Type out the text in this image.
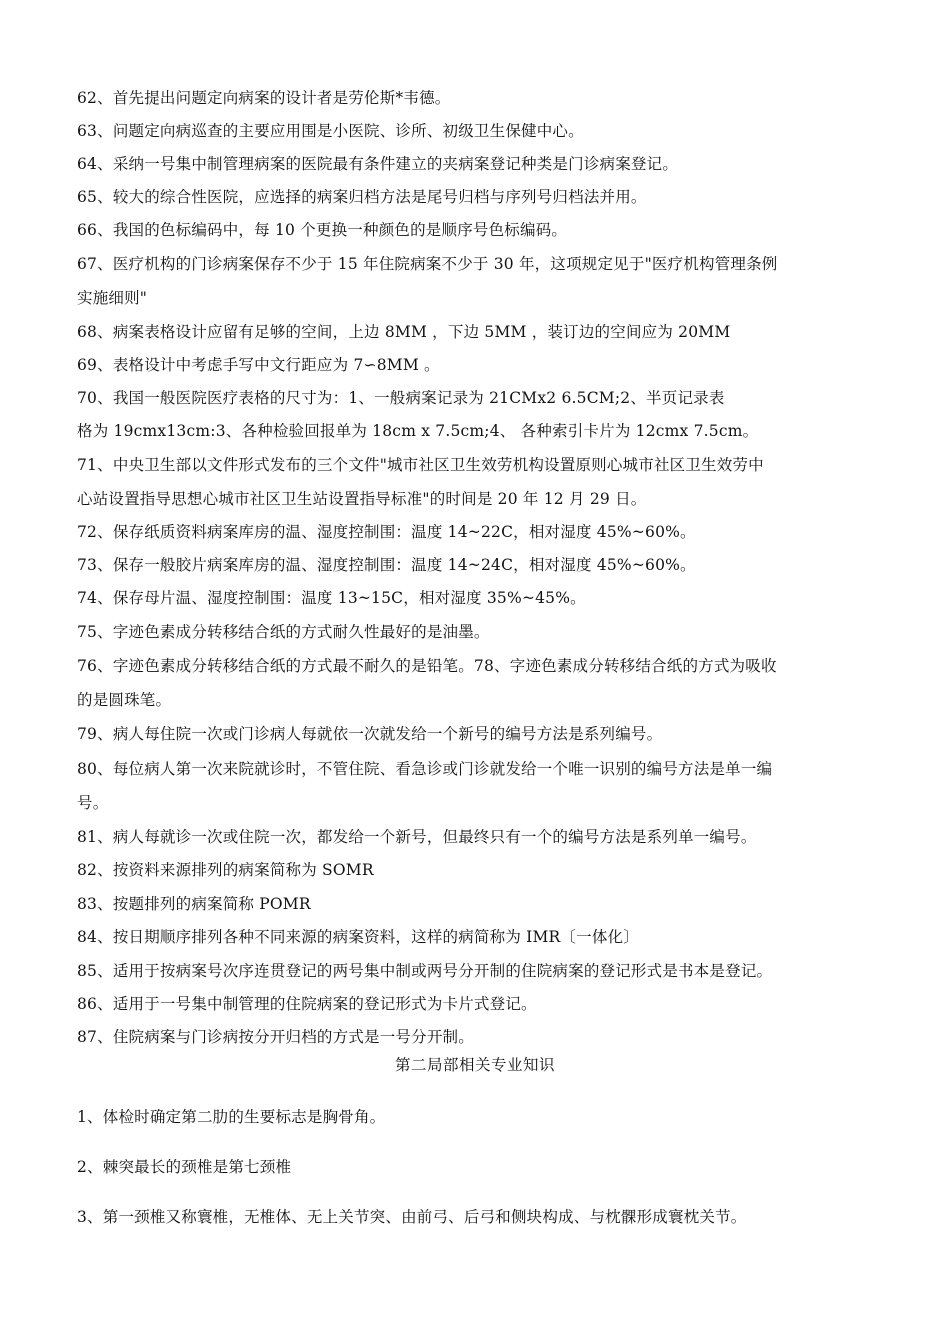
62、首先提出问题定向病案的设计者是劳伦斯*韦德。
63、问题定向病巡查的主要应用围是小医院、诊所、初级卫生保健中心。
64、采纳一号集中制管理病案的医院最有条件建立的夹病案登记种类是门诊病案登记。
65、较大的综合性医院，应选择的病案归档方法是尾号归档与序列号归档法并用。
66、我国的色标编码中，每 10 个更换一种颜色的是顺序号色标编码。
67、医疗机构的门诊病案保存不少于 15 年住院病案不少于 30 年，这项规定见于"医疗机构管理条例
实施细则"
68、病案表格设计应留有足够的空间，上边 8MM ，下边 5MM ，装订边的空间应为 20MM
69、表格设计中考虑手写中文行距应为 7∽8MM 。
70、我国一般医院医疗表格的尺寸为：1、一般病案记录为 21CMx2 6.5CM;2、半页记录表
格为 19cmx13cm:3、各种检验回报单为 18cm x 7.5cm;4、 各种索引卡片为 12cmx 7.5cm。
71、中央卫生部以文件形式发布的三个文件"城市社区卫生效劳机构设置原则心城市社区卫生效劳中
心站设置指导思想心城市社区卫生站设置指导标准"的时间是 20 年 12 月 29 日。
72、保存纸质资料病案库房的温、湿度控制围：温度 14~22C，相对湿度 45%~60%。
73、保存一般胶片病案库房的温、湿度控制围：温度 14~24C，相对湿度 45%~60%。
74、保存母片温、湿度控制围：温度 13~15C，相对湿度 35%~45%。
75、字迹色素成分转移结合纸的方式耐久性最好的是油墨。
76、字迹色素成分转移结合纸的方式最不耐久的是铅笔。78、字迹色素成分转移结合纸的方式为吸收
的是圆珠笔。
79、病人每住院一次或门诊病人每就依一次就发给一个新号的编号方法是系列编号。
80、每位病人第一次来院就诊时，不管住院、看急诊或门诊就发给一个唯一识别的编号方法是单一编
号。
81、病人每就诊一次或住院一次，都发给一个新号，但最终只有一个的编号方法是系列单一编号。
82、按资料来源排列的病案简称为 SOMR
83、按题排列的病案简称 POMR
84、按日期顺序排列各种不同来源的病案资料，这样的病简称为 IMR〔一体化〕
85、适用于按病案号次序连贯登记的两号集中制或两号分开制的住院病案的登记形式是书本是登记。
86、适用于一号集中制管理的住院病案的登记形式为卡片式登记。
87、住院病案与门诊病按分开归档的方式是一号分开制。
第二局部相关专业知识
1、体检时确定第二肋的生要标志是胸骨角。
2、棘突最长的颈椎是第七颈椎
3、第一颈椎又称寰椎，无椎体、无上关节突、由前弓、后弓和侧块构成、与枕髁形成寰枕关节。
